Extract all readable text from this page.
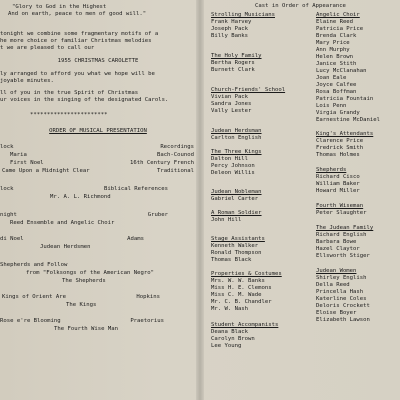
"Glory to God in the Highest
And on earth, peace to men of good will."
tonight we combine some fragmentary motifs of a
he more choice or familiar Christmas melodies
t we are pleased to call our
1955 CHRISTMAS CAROLETTE
ly arranged to afford you what we hope will be
joyable minutes.
ll of you in the true Spirit of Christmas
ur voices in the singing of the designated Carols.
***********************
ORDER OF MUSICAL PRESENTATION
lock	Recordings
Maria	Bach-Counod
First Noel	16th Century French
Came Upon a Midnight Clear	Traditional
lock	Biblical References
Mr. A. L. Richmond
night	Gruber
Reed Ensemble and Angelic Choir
di Noel	Adams
Judean Herdsmen
Shepherds and Follow
from "Folksongs of the American Negro"
The Shepherds
Kings of Orient Are	Hopkins
The Kings
Rose e're Blooming	Praetorius
The Fourth Wise Man
Cast in Order of Appearance
Strolling Musicians
Frank Harvey
Joseph Pack
Billy Banks
The Holy Family
Bertha Rogers
Burnett Clark
Church-Friends' School
Vivian Pack
Sandra Jones
Vally Lester
Judean Herdsman
Carlton English
The Three Kings
Dalton Hill
Percy Johnson
Deleon Willis
Judean Nobleman
Gabriel Carter
A Roman Soldier
John Hill
Stage Assistants
Kenneth Walker
Ronald Thompson
Thomas Black
Properties & Costumes
Mrs. W. W. Banks
Miss H. E. Clemons
Miss C. M. Wade
Mr. C. B. Chandler
Mr. W. Nash
Student Accompanists
Deana Black
Carolyn Brown
Lee Young
Angelic Choir
Elaine Reed
Patricia Price
Brenda Clark
Mary Price
Ann Murphy
Helen Brown
Janice Stith
Lucy McClanahan
Joan Eale
Joyce Calfee
Rosa Boffman
Patricia Fountain
Lois Penn
Virgia Grandy
Earnestine McDaniel
King's Attendants
Clarence Price
Fredrick Smith
Thomas Holmes
Shepherds
Richard Cisco
William Baker
Howard Miller
Fourth Wiseman
Peter Slaughter
The Judean Family
Richard English
Barbara Bowe
Hazel Claytor
Ellsworth Stiger
Judean Women
Shirley English
Della Reed
Princella Hash
Katerline Coles
Deloris Crockett
Eloise Boyer
Elizabeth Lawson
